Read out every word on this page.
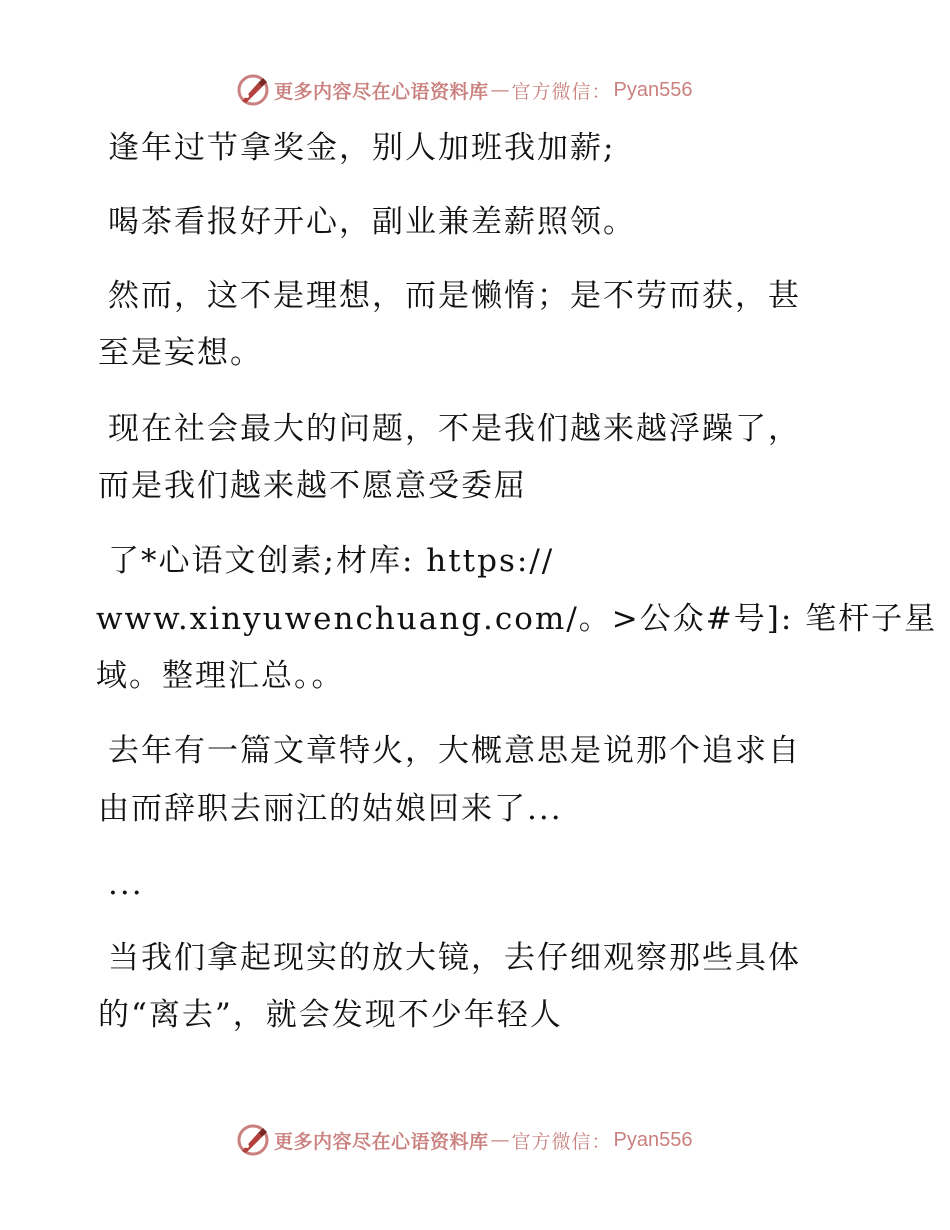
更多内容尽在心语资料库 — 官方微信： Pyan556
逢年过节拿奖金，别人加班我加薪;
喝茶看报好开心，副业兼差薪照领。
然而，这不是理想，而是懒惰；是不劳而获，甚
至是妄想。
现在社会最大的问题，不是我们越来越浮躁了，
而是我们越来越不愿意受委屈
了*心语文创素;材库: https://
www.xinyuwenchuang.com/。>公众#号]: 笔杆子星
域。整理汇总。。
去年有一篇文章特火，大概意思是说那个追求自
由而辞职去丽江的姑娘回来了...
...
当我们拿起现实的放大镜，去仔细观察那些具体
的“离去”，就会发现不少年轻人
更多内容尽在心语资料库 — 官方微信： Pyan556
